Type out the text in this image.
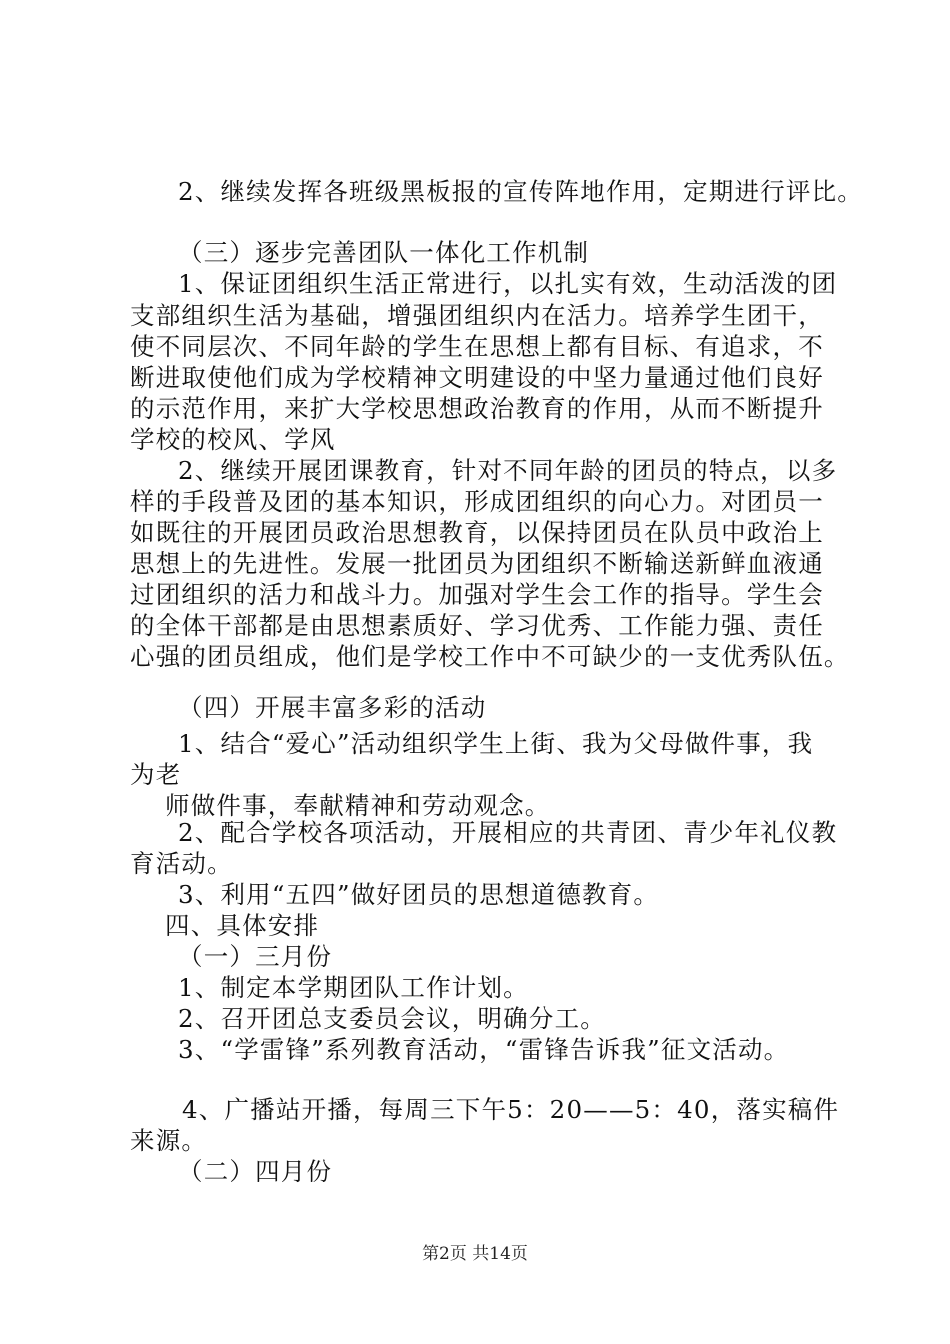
2、继续发挥各班级黑板报的宣传阵地作用，定期进行评比。
（三）逐步完善团队一体化工作机制
1、保证团组织生活正常进行，以扎实有效，生动活泼的团
支部组织生活为基础，增强团组织内在活力。培养学生团干，
使不同层次、不同年龄的学生在思想上都有目标、有追求，不
断进取使他们成为学校精神文明建设的中坚力量通过他们良好
的示范作用，来扩大学校思想政治教育的作用，从而不断提升
学校的校风、学风
2、继续开展团课教育，针对不同年龄的团员的特点，以多
样的手段普及团的基本知识，形成团组织的向心力。对团员一
如既往的开展团员政治思想教育，以保持团员在队员中政治上
思想上的先进性。发展一批团员为团组织不断输送新鲜血液通
过团组织的活力和战斗力。加强对学生会工作的指导。学生会
的全体干部都是由思想素质好、学习优秀、工作能力强、责任
心强的团员组成，他们是学校工作中不可缺少的一支优秀队伍。
（四）开展丰富多彩的活动
1、结合“爱心”活动组织学生上街、我为父母做件事，我
为老
师做件事，奉献精神和劳动观念。
2、配合学校各项活动，开展相应的共青团、青少年礼仪教
育活动。
3、利用“五四”做好团员的思想道德教育。
四、具体安排
（一）三月份
1、制定本学期团队工作计划。
2、召开团总支委员会议，明确分工。
3、“学雷锋”系列教育活动，“雷锋告诉我”征文活动。
4、广播站开播，每周三下午5：20——5：40，落实稿件
来源。
（二）四月份
第2页 共14页
